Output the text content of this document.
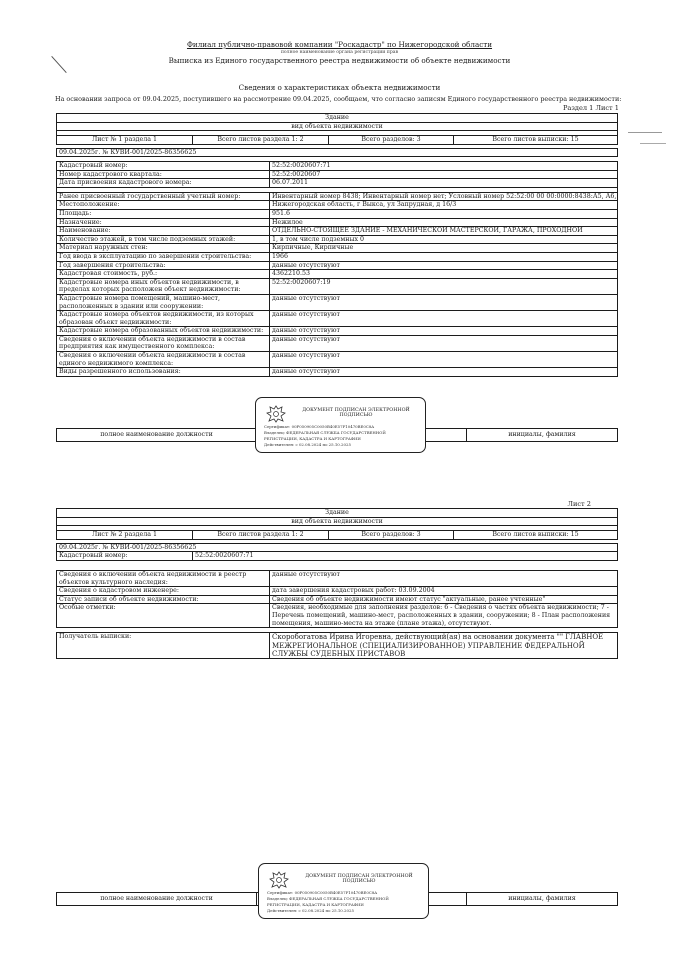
Филиал публично-правовой компании "Роскадастр" по Нижегородской области
полное наименование органа регистрации прав
Выписка из Единого государственного реестра недвижимости об объекте недвижимости
Сведения о характеристиках объекта недвижимости
На основании запроса от 09.04.2025, поступившего на рассмотрение 09.04.2025, сообщаем, что согласно записям Единого государственного реестра недвижимости:
Раздел 1 Лист 1
Здание
вид объекта недвижимости

Лист № 1 раздела 1	Всего листов раздела 1: 2	Всего разделов: 3	Всего листов выписки: 15

09.04.2025г. № КУВИ-001/2025-86356625
Кадастровый номер:	52:52:0020607:71
Номер кадастрового квартала:	52:52:0020607
Дата присвоения кадастрового номера:	06.07.2011

Ранее присвоенный государственный учетный номер:	Инвентарный номер 8438; Инвентарный номер нет; Условный номер 52:52:00 00 00:0000:8438:А5, А6,
Местоположение:	Нижегородская область, г Выкса, ул Запрудная, д 16/3
Площадь:	951.6
Назначение:	Нежилое
Наименование:	ОТДЕЛЬНО-СТОЯЩЕЕ ЗДАНИЕ - МЕХАНИЧЕСКОЙ МАСТЕРСКОЙ, ГАРАЖА, ПРОХОДНОЙ
Количество этажей, в том числе подземных этажей:	1, в том числе подземных 0
Материал наружных стен:	Кирпичные, Кирпичные
Год ввода в эксплуатацию по завершении строительства:	1966
Год завершения строительства:	данные отсутствуют
Кадастровая стоимость, руб.:	4362210.53
Кадастровые номера иных объектов недвижимости, в пределах которых расположен объект недвижимости:	52:52:0020607:19
Кадастровые номера помещений, машино-мест, расположенных в здании или сооружении:	данные отсутствуют
Кадастровые номера объектов недвижимости, из которых образован объект недвижимости:	данные отсутствуют
Кадастровые номера образованных объектов недвижимости:	данные отсутствуют
Сведения о включении объекта недвижимости в состав предприятия как имущественного комплекса:	данные отсутствуют
Сведения о включении объекта недвижимости в состав единого недвижимого комплекса:	данные отсутствуют
Виды разрешенного использования:	данные отсутствуют
полное наименование должности		инициалы, фамилия
ДОКУМЕНТ ПОДПИСАН ЭЛЕКТРОННОЙ ПОДПИСЬЮ
Сертификат: 00F050905C0050B40E57F10470BE0C8A
Владелец: ФЕДЕРАЛЬНАЯ СЛУЖБА ГОСУДАРСТВЕННОЙ
РЕГИСТРАЦИИ, КАДАСТРА И КАРТОГРАФИИ
Действителен: с 02.08.2024 по 25.10.2025
Лист 2
Здание			
вид объекта недвижимости			

Лист № 2 раздела 1	Всего листов раздела 1: 2	Всего разделов: 3	Всего листов выписки: 15

09.04.2025г. № КУВИ-001/2025-86356625			
Кадастровый номер:	52:52:0020607:71		
Сведения о включении объекта недвижимости в реестр объектов культурного наследия:	данные отсутствуют
Сведения о кадастровом инженере:	дата завершения кадастровых работ: 03.09.2004
Статус записи об объекте недвижимости:	Сведения об объекте недвижимости имеют статус "актуальные, ранее учтенные"
Особые отметки:	Сведения, необходимые для заполнения разделов: 6 - Сведения о частях объекта недвижимости; 7 - Перечень помещений, машино-мест, расположенных в здании, сооружении; 8 - План расположения помещения, машино-места на этаже (плане этажа), отсутствуют.

Получатель выписки:	Скоробогатова Ирина Игоревна, действующий(ая) на основании документа "" ГЛАВНОЕ МЕЖРЕГИОНАЛЬНОЕ (СПЕЦИАЛИЗИРОВАННОЕ) УПРАВЛЕНИЕ ФЕДЕРАЛЬНОЙ СЛУЖБЫ СУДЕБНЫХ ПРИСТАВОВ
полное наименование должности		инициалы, фамилия
ДОКУМЕНТ ПОДПИСАН ЭЛЕКТРОННОЙ ПОДПИСЬЮ
Сертификат: 00F050905C0050B40E57F10470BE0C8A
Владелец: ФЕДЕРАЛЬНАЯ СЛУЖБА ГОСУДАРСТВЕННОЙ
РЕГИСТРАЦИИ, КАДАСТРА И КАРТОГРАФИИ
Действителен: с 02.08.2024 по 25.10.2025
